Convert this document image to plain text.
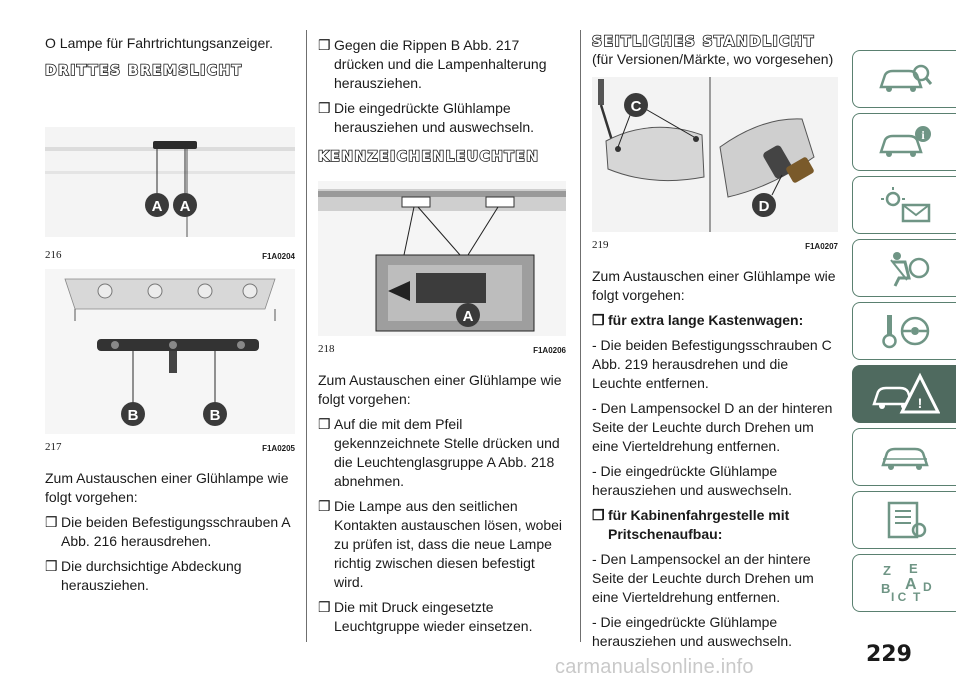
O Lampe für Fahrtrichtungsanzeiger.

DRITTES BREMSLICHT
A A
216	F1A0204
B	B
217	F1A0205

Zum Austauschen einer Glühlampe wie folgt vorgehen:

❒ Die beiden Befestigungsschrauben A Abb. 216 herausdrehen.
❒ Die durchsichtige Abdeckung herausziehen.
❒ Gegen die Rippen B Abb. 217 drücken und die Lampenhalterung herausziehen.
❒ Die eingedrückte Glühlampe herausziehen und auswechseln.
KENNZEICHENLEUCHTEN
A
218	F1A0206

Zum Austauschen einer Glühlampe wie folgt vorgehen:

❒ Auf die mit dem Pfeil gekennzeichnete Stelle drücken und die Leuchtenglasgruppe A Abb. 218 abnehmen.
❒ Die Lampe aus den seitlichen Kontakten austauschen lösen, wobei zu prüfen ist, dass die neue Lampe richtig zwischen diesen befestigt wird.
❒ Die mit Druck eingesetzte Leuchtgruppe wieder einsetzen.
SEITLICHES STANDLICHT

(für Versionen/Märkte, wo vorgesehen)

C
D
219	F1A0207

Zum Austauschen einer Glühlampe wie folgt vorgehen:

❒ für extra lange Kastenwagen:

- Die beiden Befestigungsschrauben C Abb. 219 herausdrehen und die Leuchte entfernen.

- Den Lampensockel D an der hinteren Seite der Leuchte durch Drehen um eine Vierteldrehung entfernen.

- Die eingedrückte Glühlampe herausziehen und auswechseln.

❒ für Kabinenfahrgestelle mit Pritschenaufbau:

- Den Lampensockel an der hintere Seite der Leuchte durch Drehen um eine Vierteldrehung entfernen.

- Die eingedrückte Glühlampe herausziehen und auswechseln.

i
!
Z E
B A
I C T
D
229
carmanualsonline.info
